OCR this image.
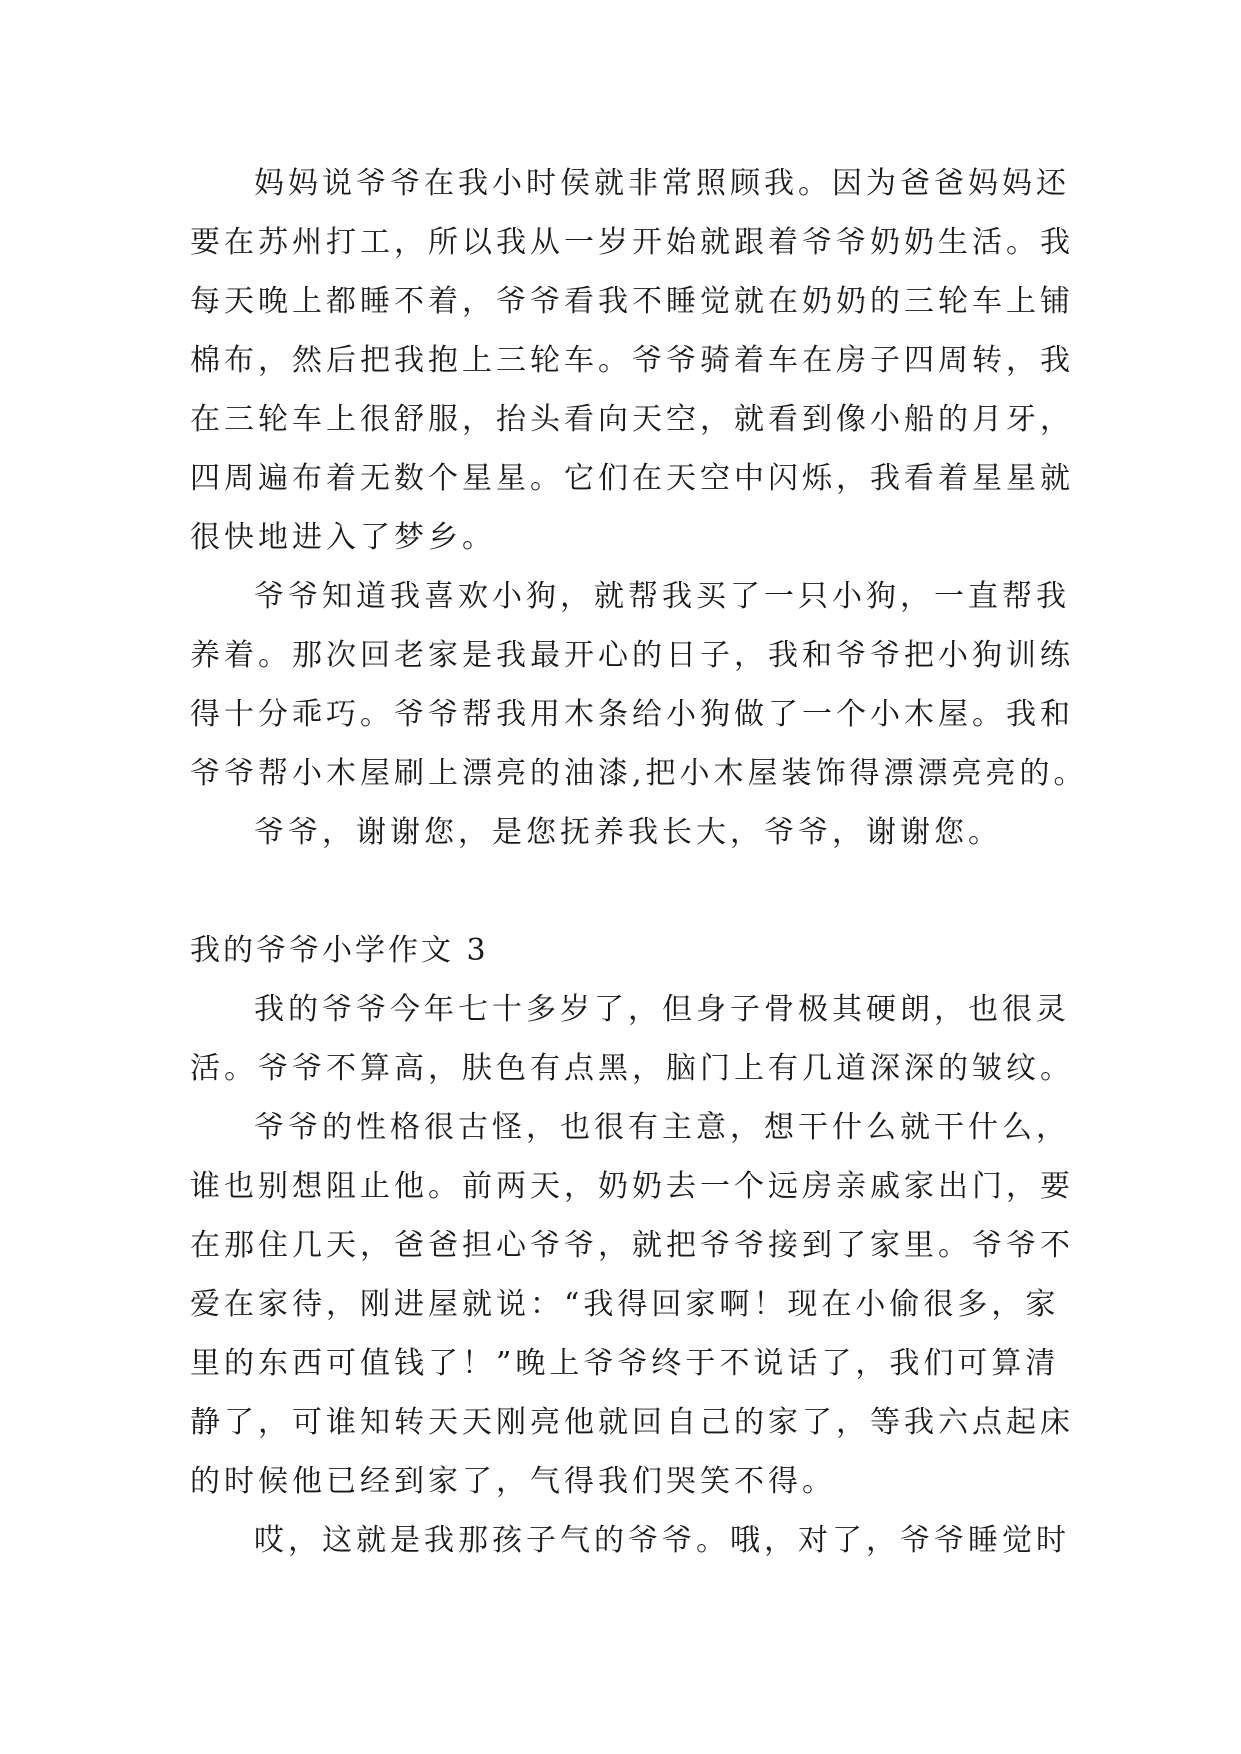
妈妈说爷爷在我小时侯就非常照顾我。因为爸爸妈妈还
要在苏州打工，所以我从一岁开始就跟着爷爷奶奶生活。我
每天晚上都睡不着，爷爷看我不睡觉就在奶奶的三轮车上铺
棉布，然后把我抱上三轮车。爷爷骑着车在房子四周转，我
在三轮车上很舒服，抬头看向天空，就看到像小船的月牙，
四周遍布着无数个星星。它们在天空中闪烁，我看着星星就
很快地进入了梦乡。
爷爷知道我喜欢小狗，就帮我买了一只小狗，一直帮我
养着。那次回老家是我最开心的日子，我和爷爷把小狗训练
得十分乖巧。爷爷帮我用木条给小狗做了一个小木屋。我和
爷爷帮小木屋刷上漂亮的油漆,把小木屋装饰得漂漂亮亮的。
爷爷，谢谢您，是您抚养我长大，爷爷，谢谢您。
我的爷爷小学作文 3
我的爷爷今年七十多岁了，但身子骨极其硬朗，也很灵
活。爷爷不算高，肤色有点黑，脑门上有几道深深的皱纹。
爷爷的性格很古怪，也很有主意，想干什么就干什么，
谁也别想阻止他。前两天，奶奶去一个远房亲戚家出门，要
在那住几天，爸爸担心爷爷，就把爷爷接到了家里。爷爷不
爱在家待，刚进屋就说：“我得回家啊！现在小偷很多，家
里的东西可值钱了！”晚上爷爷终于不说话了，我们可算清
静了，可谁知转天天刚亮他就回自己的家了，等我六点起床
的时候他已经到家了，气得我们哭笑不得。
哎，这就是我那孩子气的爷爷。哦，对了，爷爷睡觉时
